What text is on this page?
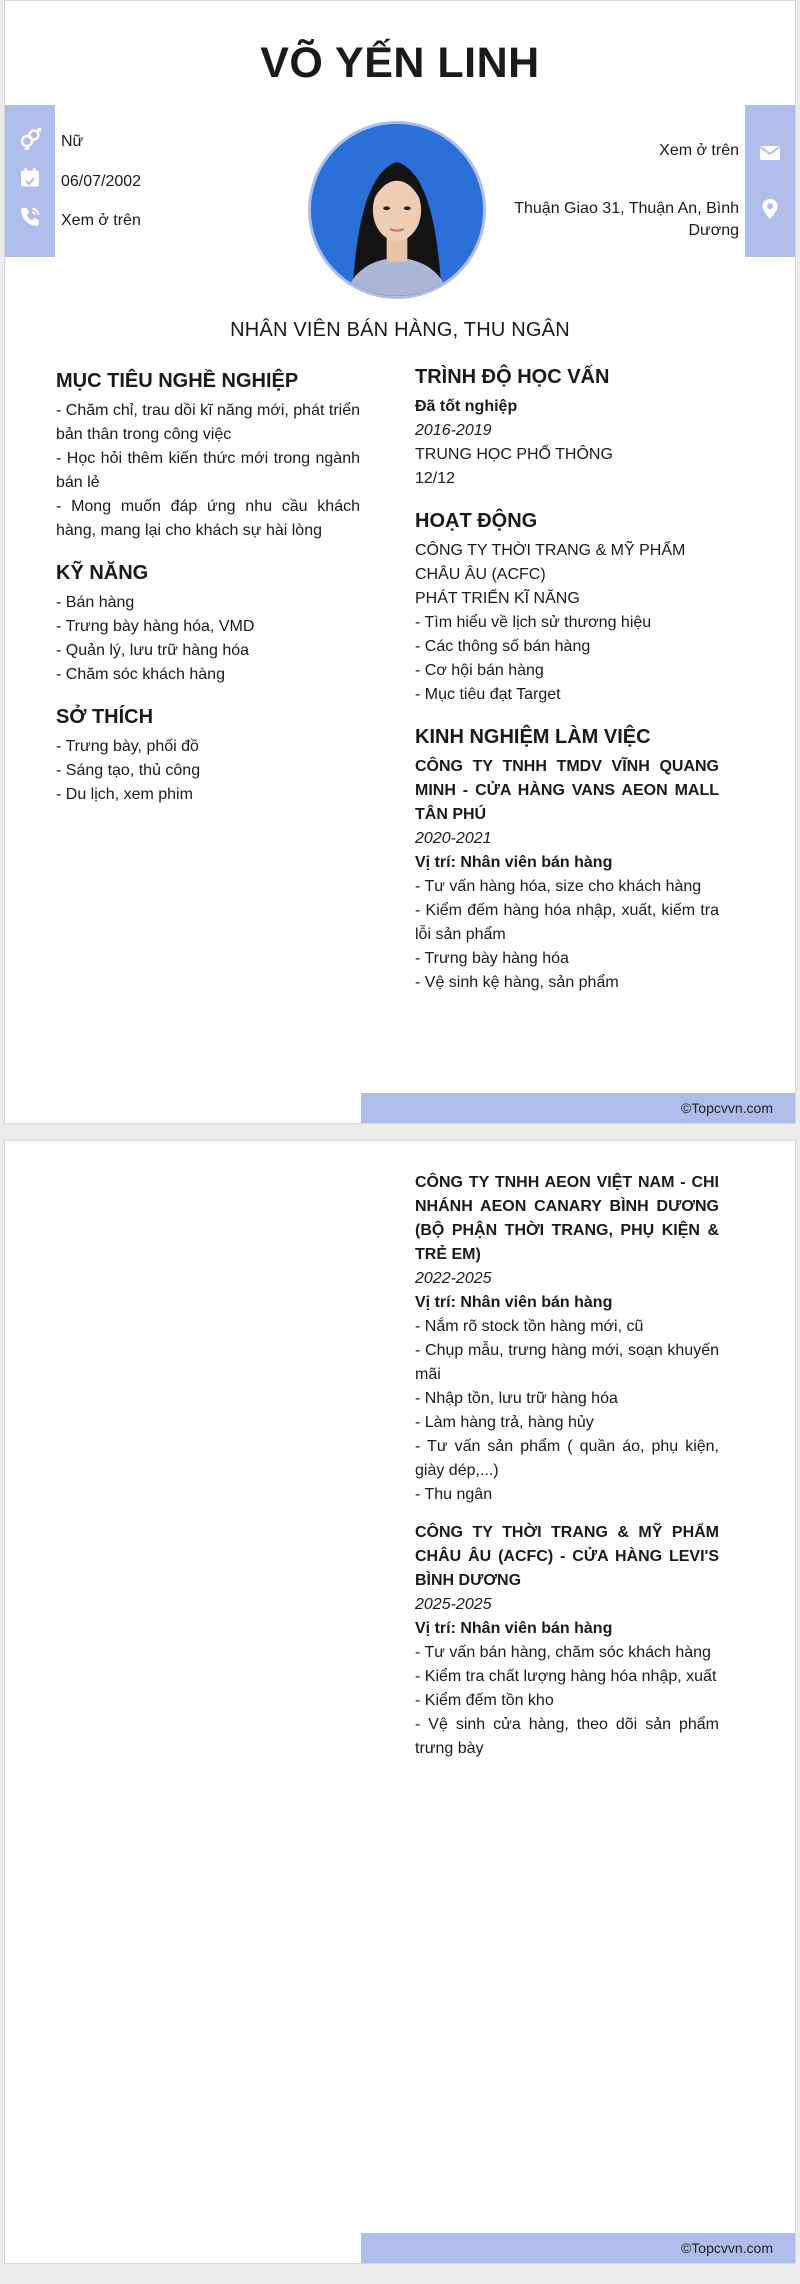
VÕ YẾN LINH
Nữ
06/07/2002
Xem ở trên
Xem ở trên
Thuận Giao 31, Thuận An, Bình Dương
NHÂN VIÊN BÁN HÀNG, THU NGÂN
MỤC TIÊU NGHỀ NGHIỆP
- Chăm chỉ, trau dồi kĩ năng mới, phát triển bản thân trong công việc
- Học hỏi thêm kiến thức mới trong ngành bán lẻ
- Mong muốn đáp ứng nhu cầu khách hàng, mang lại cho khách sự hài lòng
KỸ NĂNG
- Bán hàng
- Trưng bày hàng hóa, VMD
- Quản lý, lưu trữ hàng hóa
- Chăm sóc khách hàng
SỞ THÍCH
- Trưng bày, phối đồ
- Sáng tạo, thủ công
- Du lịch, xem phim
TRÌNH ĐỘ HỌC VẤN
Đã tốt nghiệp
2016-2019
TRUNG HỌC PHỔ THÔNG
12/12
HOẠT ĐỘNG
CÔNG TY THỜI TRANG & MỸ PHẨM CHÂU ÂU (ACFC)
PHÁT TRIỂN KĨ NĂNG
- Tìm hiểu về lịch sử thương hiệu
- Các thông số bán hàng
- Cơ hội bán hàng
- Mục tiêu đạt Target
KINH NGHIỆM LÀM VIỆC
CÔNG TY TNHH TMDV VĨNH QUANG MINH - CỬA HÀNG VANS AEON MALL TÂN PHÚ
2020-2021
Vị trí: Nhân viên bán hàng
- Tư vấn hàng hóa, size cho khách hàng
- Kiểm đếm hàng hóa nhập, xuất, kiếm tra lỗi sản phẩm
- Trưng bày hàng hóa
- Vệ sinh kệ hàng, sản phẩm
©Topcvvn.com
CÔNG TY TNHH AEON VIỆT NAM - CHI NHÁNH AEON CANARY BÌNH DƯƠNG (BỘ PHẬN THỜI TRANG, PHỤ KIỆN & TRẺ EM)
2022-2025
Vị trí: Nhân viên bán hàng
- Nắm rõ stock tồn hàng mới, cũ
- Chụp mẫu, trưng hàng mới, soạn khuyến mãi
- Nhập tồn, lưu trữ hàng hóa
- Làm hàng trả, hàng hủy
- Tư vấn sản phẩm ( quần áo, phụ kiện, giày dép,...)
- Thu ngân
CÔNG TY THỜI TRANG & MỸ PHẨM CHÂU ÂU (ACFC) - CỬA HÀNG LEVI'S BÌNH DƯƠNG
2025-2025
Vị trí: Nhân viên bán hàng
- Tư vấn bán hàng, chăm sóc khách hàng
- Kiểm tra chất lượng hàng hóa nhập, xuất
- Kiểm đếm tồn kho
- Vệ sinh cửa hàng, theo dõi sản phẩm trưng bày
©Topcvvn.com
